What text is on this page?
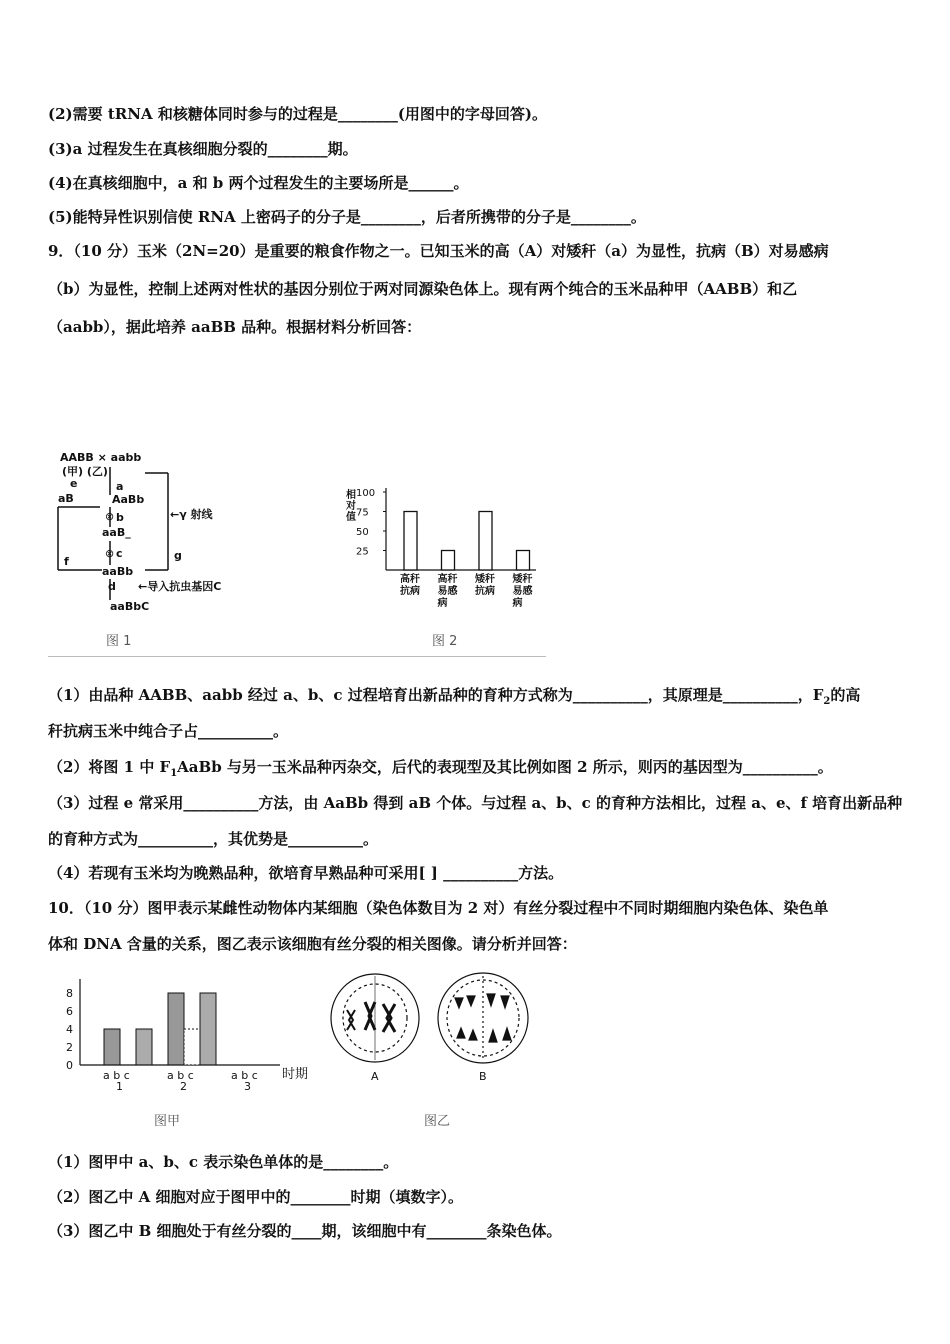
(2)需要 tRNA 和核糖体同时参与的过程是________(用图中的字母回答)。
(3)a 过程发生在真核细胞分裂的________期。
(4)在真核细胞中，a 和 b 两个过程发生的主要场所是______。
(5)能特异性识别信使 RNA 上密码子的分子是________，后者所携带的分子是________。
9．（10 分）玉米（2N=20）是重要的粮食作物之一。已知玉米的高（A）对矮秆（a）为显性，抗病（B）对易感病
（b）为显性，控制上述两对性状的基因分别位于两对同源染色体上。现有两个纯合的玉米品种甲（AABB）和乙
（aabb），据此培养 aaBB 品种。根据材料分析回答：
AABB × aabb
(甲) (乙)
a
AaBb
aB
b
aaB_
c
aaBb
d
aaBbC
←γ 射线
←导入抗虫基因C
e
f	g
⊗
⊗
图 1
相
对
值
100
75
50
25
高秆
抗病
高秆
易感
病
矮秆
抗病
矮秆
易感
病
图 2
（1）由品种 AABB、aabb 经过 a、b、c 过程培育出新品种的育种方式称为__________，其原理是__________，$F_2$的高
秆抗病玉米中纯合子占__________。
（2）将图 1 中 $F_1AaBb$ 与另一玉米品种丙杂交，后代的表现型及其比例如图 2 所示，则丙的基因型为__________。
（3）过程 e 常采用__________方法，由 AaBb 得到 aB 个体。与过程 a、b、c 的育种方法相比，过程 a、e、f 培育出新品种
的育种方式为__________，其优势是__________。
（4）若现有玉米均为晚熟品种，欲培育早熟品种可采用[ ] __________方法。
10．（10 分）图甲表示某雌性动物体内某细胞（染色体数目为 2 对）有丝分裂过程中不同时期细胞内染色体、染色单
体和 DNA 含量的关系，图乙表示该细胞有丝分裂的相关图像。请分析并回答：
8
6
4
2
0
a b c
1
a b c
2
a b c
3
时期
图甲
A	B
图乙
（1）图甲中 a、b、c 表示染色单体的是________。
（2）图乙中 A 细胞对应于图甲中的________时期（填数字）。
（3）图乙中 B 细胞处于有丝分裂的____期，该细胞中有________条染色体。
